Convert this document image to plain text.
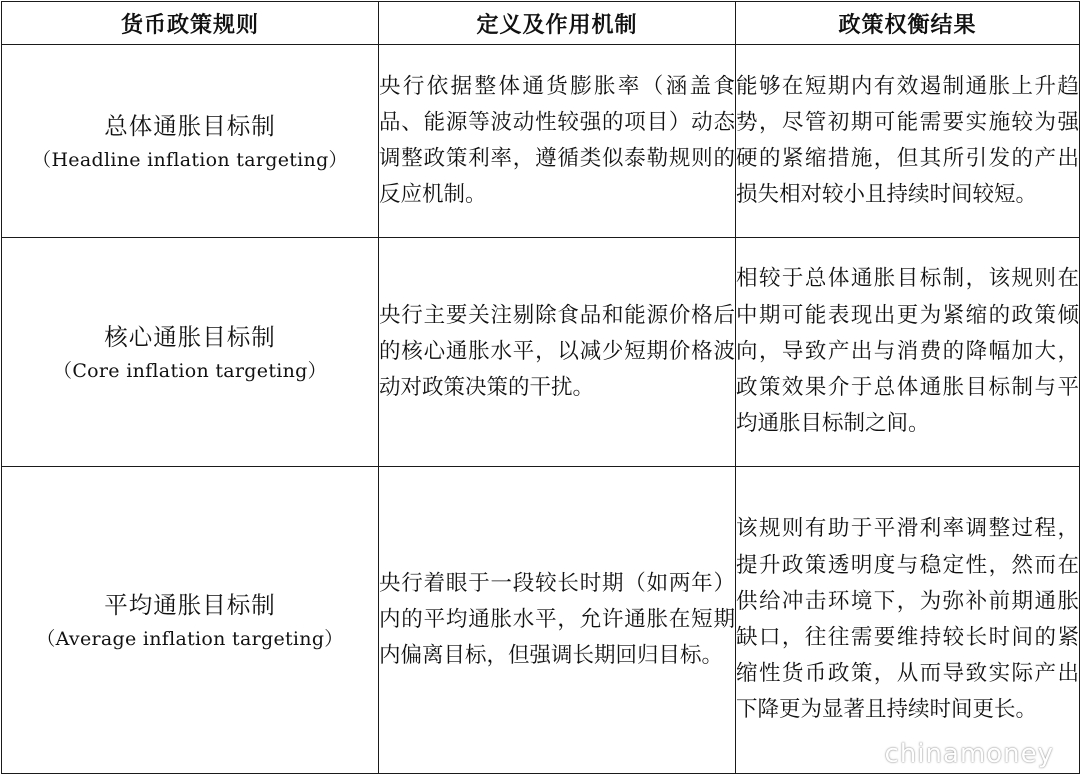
货币政策规则	定义及作用机制	政策权衡结果

总体通胀目标制
（Headline inflation targeting）	央行依据整体通货膨胀率（涵盖食品、能源等波动性较强的项目）动态调整政策利率，遵循类似泰勒规则的反应机制。	能够在短期内有效遏制通胀上升趋势，尽管初期可能需要实施较为强硬的紧缩措施，但其所引发的产出损失相对较小且持续时间较短。

核心通胀目标制
（Core inflation targeting）	央行主要关注剔除食品和能源价格后的核心通胀水平，以减少短期价格波动对政策决策的干扰。	相较于总体通胀目标制，该规则在中期可能表现出更为紧缩的政策倾向，导致产出与消费的降幅加大，政策效果介于总体通胀目标制与平均通胀目标制之间。

平均通胀目标制
（Average inflation targeting）	央行着眼于一段较长时期（如两年）内的平均通胀水平，允许通胀在短期内偏离目标，但强调长期回归目标。	该规则有助于平滑利率调整过程，提升政策透明度与稳定性，然而在供给冲击环境下，为弥补前期通胀缺口，往往需要维持较长时间的紧缩性货币政策，从而导致实际产出下降更为显著且持续时间更长。
chinamoney
